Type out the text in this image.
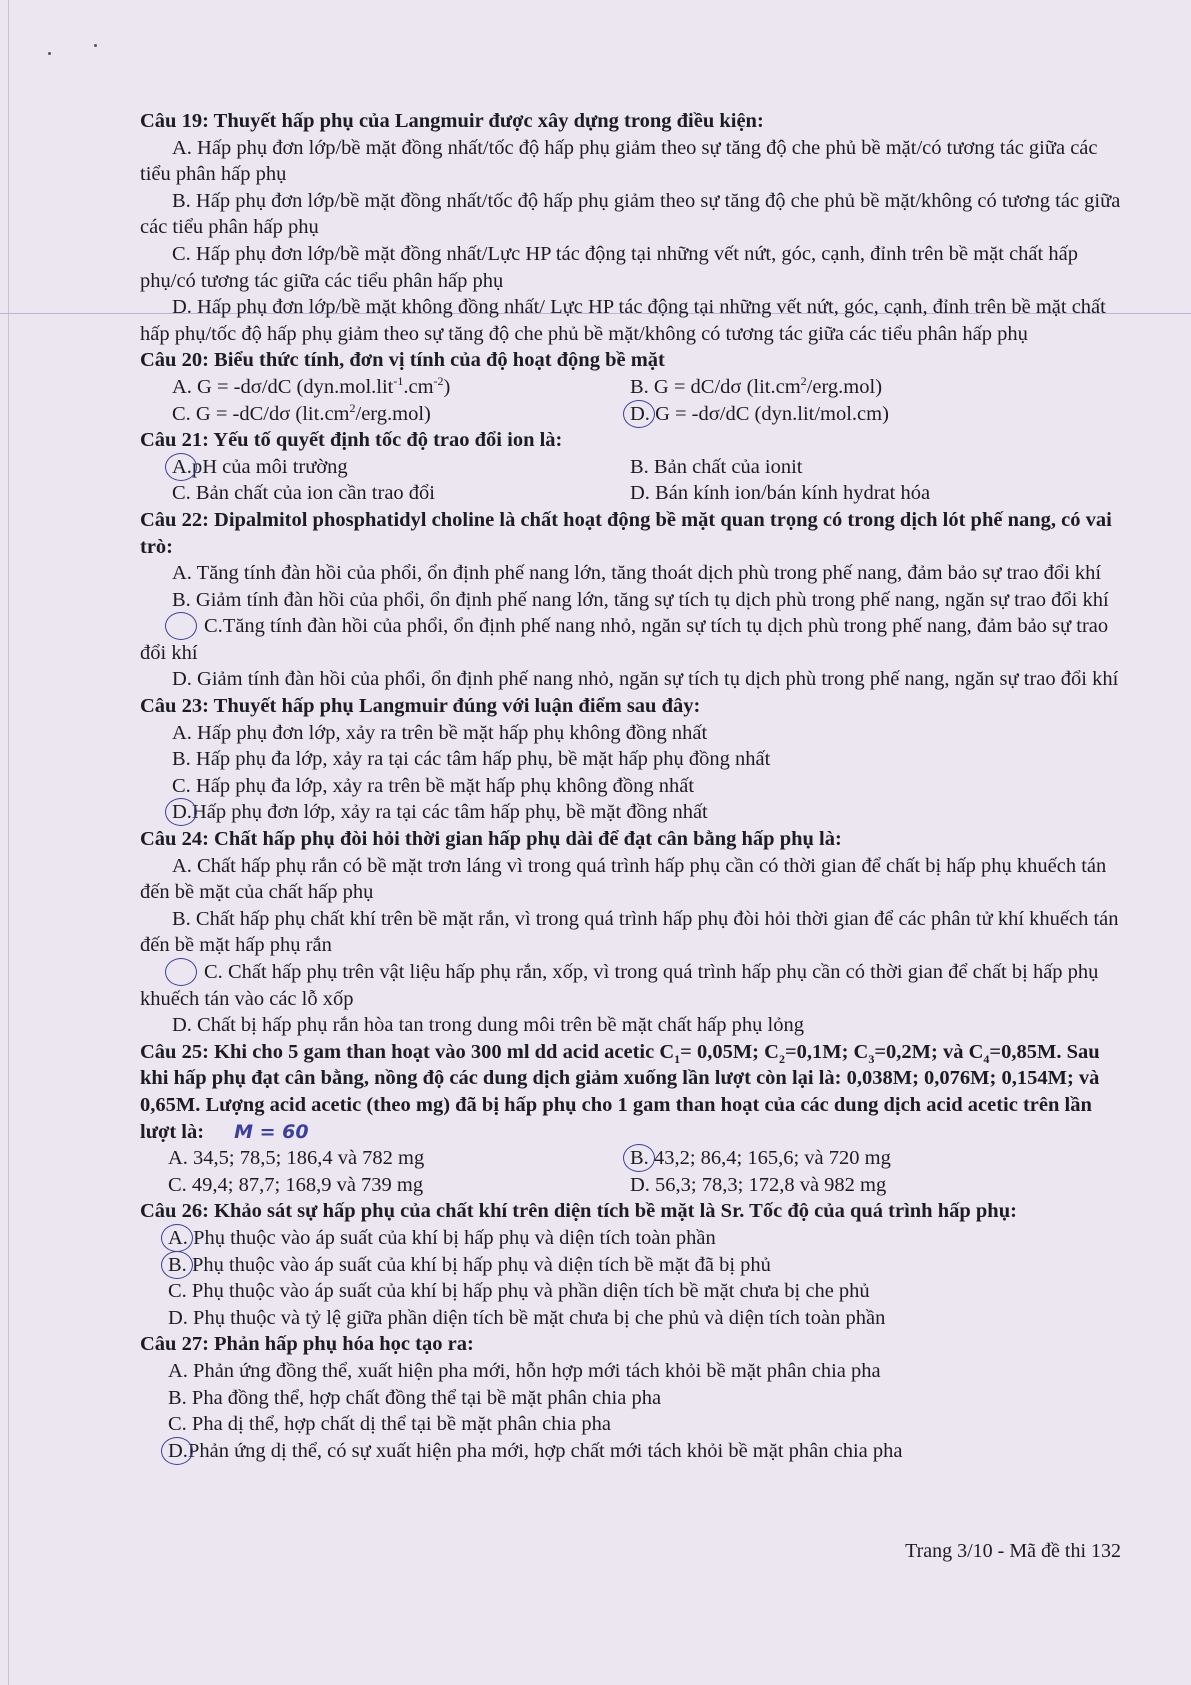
Câu 19: Thuyết hấp phụ của Langmuir được xây dựng trong điều kiện:

A. Hấp phụ đơn lớp/bề mặt đồng nhất/tốc độ hấp phụ giảm theo sự tăng độ che phủ bề mặt/có tương tác giữa các tiểu phân hấp phụ

B. Hấp phụ đơn lớp/bề mặt đồng nhất/tốc độ hấp phụ giảm theo sự tăng độ che phủ bề mặt/không có tương tác giữa các tiểu phân hấp phụ

C. Hấp phụ đơn lớp/bề mặt đồng nhất/Lực HP tác động tại những vết nứt, góc, cạnh, đỉnh trên bề mặt chất hấp phụ/có tương tác giữa các tiểu phân hấp phụ

D. Hấp phụ đơn lớp/bề mặt không đồng nhất/ Lực HP tác động tại những vết nứt, góc, cạnh, đỉnh trên bề mặt chất hấp phụ/tốc độ hấp phụ giảm theo sự tăng độ che phủ bề mặt/không có tương tác giữa các tiểu phân hấp phụ

Câu 20: Biểu thức tính, đơn vị tính của độ hoạt động bề mặt

A. G = -dσ/dC $(dyn.mol.lit^{-1}.cm^{-2})$	B. G = dC/dσ $(lit.cm^2/erg.mol)$
C. G = -dC/dσ $(lit.cm^2/erg.mol)$	D. G = -dσ/dC (dyn.lit/mol.cm)

Câu 21: Yếu tố quyết định tốc độ trao đổi ion là:

A.pH của môi trường	B. Bản chất của ionit
C. Bản chất của ion cần trao đổi	D. Bán kính ion/bán kính hydrat hóa

Câu 22: Dipalmitol phosphatidyl choline là chất hoạt động bề mặt quan trọng có trong dịch lót phế nang, có vai trò:

A. Tăng tính đàn hồi của phổi, ổn định phế nang lớn, tăng thoát dịch phù trong phế nang, đảm bảo sự trao đổi khí

B. Giảm tính đàn hồi của phổi, ổn định phế nang lớn, tăng sự tích tụ dịch phù trong phế nang, ngăn sự trao đổi khí

C.Tăng tính đàn hồi của phổi, ổn định phế nang nhỏ, ngăn sự tích tụ dịch phù trong phế nang, đảm bảo sự trao đổi khí

D. Giảm tính đàn hồi của phổi, ổn định phế nang nhỏ, ngăn sự tích tụ dịch phù trong phế nang, ngăn sự trao đổi khí

Câu 23: Thuyết hấp phụ Langmuir đúng với luận điểm sau đây:

A. Hấp phụ đơn lớp, xảy ra trên bề mặt hấp phụ không đồng nhất

B. Hấp phụ đa lớp, xảy ra tại các tâm hấp phụ, bề mặt hấp phụ đồng nhất

C. Hấp phụ đa lớp, xảy ra trên bề mặt hấp phụ không đồng nhất

D.Hấp phụ đơn lớp, xảy ra tại các tâm hấp phụ, bề mặt đồng nhất

Câu 24: Chất hấp phụ đòi hỏi thời gian hấp phụ dài để đạt cân bằng hấp phụ là:

A. Chất hấp phụ rắn có bề mặt trơn láng vì trong quá trình hấp phụ cần có thời gian để chất bị hấp phụ khuếch tán đến bề mặt của chất hấp phụ

B. Chất hấp phụ chất khí trên bề mặt rắn, vì trong quá trình hấp phụ đòi hỏi thời gian để các phân tử khí khuếch tán đến bề mặt hấp phụ rắn

C. Chất hấp phụ trên vật liệu hấp phụ rắn, xốp, vì trong quá trình hấp phụ cần có thời gian để chất bị hấp phụ khuếch tán vào các lỗ xốp

D. Chất bị hấp phụ rắn hòa tan trong dung môi trên bề mặt chất hấp phụ lỏng

Câu 25: Khi cho 5 gam than hoạt vào 300 ml dd acid acetic $C_1= 0,05M$; $C_2=0,1M$; $C_3=0,2M$; và $C_4=0,85M$. Sau khi hấp phụ đạt cân bằng, nồng độ các dung dịch giảm xuống lần lượt còn lại là: 0,038M; 0,076M; 0,154M; và 0,65M. Lượng acid acetic (theo mg) đã bị hấp phụ cho 1 gam than hoạt của các dung dịch acid acetic trên lần lượt là: M = 60

A. 34,5; 78,5; 186,4 và 782 mg	B. 43,2; 86,4; 165,6; và 720 mg
C. 49,4; 87,7; 168,9 và 739 mg	D. 56,3; 78,3; 172,8 và 982 mg

Câu 26: Khảo sát sự hấp phụ của chất khí trên diện tích bề mặt là Sr. Tốc độ của quá trình hấp phụ:

A. Phụ thuộc vào áp suất của khí bị hấp phụ và diện tích toàn phần

B. Phụ thuộc vào áp suất của khí bị hấp phụ và diện tích bề mặt đã bị phủ

C. Phụ thuộc vào áp suất của khí bị hấp phụ và phần diện tích bề mặt chưa bị che phủ

D. Phụ thuộc và tỷ lệ giữa phần diện tích bề mặt chưa bị che phủ và diện tích toàn phần

Câu 27: Phản hấp phụ hóa học tạo ra:

A. Phản ứng đồng thể, xuất hiện pha mới, hỗn hợp mới tách khỏi bề mặt phân chia pha

B. Pha đồng thể, hợp chất đồng thể tại bề mặt phân chia pha

C. Pha dị thể, hợp chất dị thể tại bề mặt phân chia pha

D.Phản ứng dị thể, có sự xuất hiện pha mới, hợp chất mới tách khỏi bề mặt phân chia pha

Trang 3/10 - Mã đề thi 132
